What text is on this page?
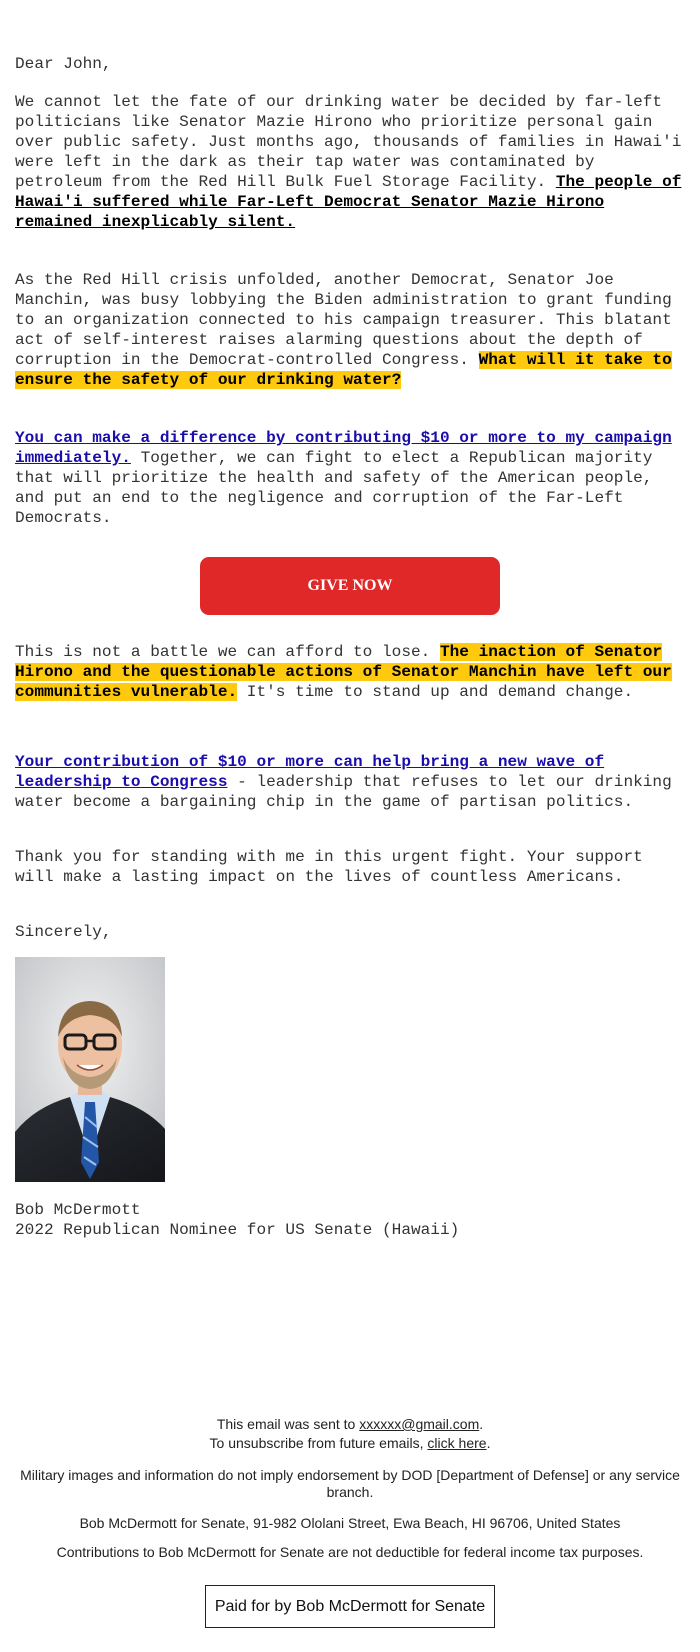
Dear John,

We cannot let the fate of our drinking water be decided by far-left politicians like Senator Mazie Hirono who prioritize personal gain over public safety. Just months ago, thousands of families in Hawai'i were left in the dark as their tap water was contaminated by petroleum from the Red Hill Bulk Fuel Storage Facility. The people of Hawai'i suffered while Far-Left Democrat Senator Mazie Hirono remained inexplicably silent.

As the Red Hill crisis unfolded, another Democrat, Senator Joe Manchin, was busy lobbying the Biden administration to grant funding to an organization connected to his campaign treasurer. This blatant act of self-interest raises alarming questions about the depth of corruption in the Democrat-controlled Congress. What will it take to ensure the safety of our drinking water?

You can make a difference by contributing $10 or more to my campaign immediately. Together, we can fight to elect a Republican majority that will prioritize the health and safety of the American people, and put an end to the negligence and corruption of the Far-Left Democrats.

This is not a battle we can afford to lose. The inaction of Senator Hirono and the questionable actions of Senator Manchin have left our communities vulnerable. It's time to stand up and demand change.

Your contribution of $10 or more can help bring a new wave of leadership to Congress - leadership that refuses to let our drinking water become a bargaining chip in the game of partisan politics.

Thank you for standing with me in this urgent fight. Your support will make a lasting impact on the lives of countless Americans.

Sincerely,
GIVE NOW
Bob McDermott
2022 Republican Nominee for US Senate (Hawaii)
This email was sent to xxxxxx@gmail.com.
To unsubscribe from future emails, click here.
Military images and information do not imply endorsement by DOD [Department of Defense] or any service branch.
Bob McDermott for Senate, 91-982 Ololani Street, Ewa Beach, HI 96706, United States
Contributions to Bob McDermott for Senate are not deductible for federal income tax purposes.
Paid for by Bob McDermott for Senate
